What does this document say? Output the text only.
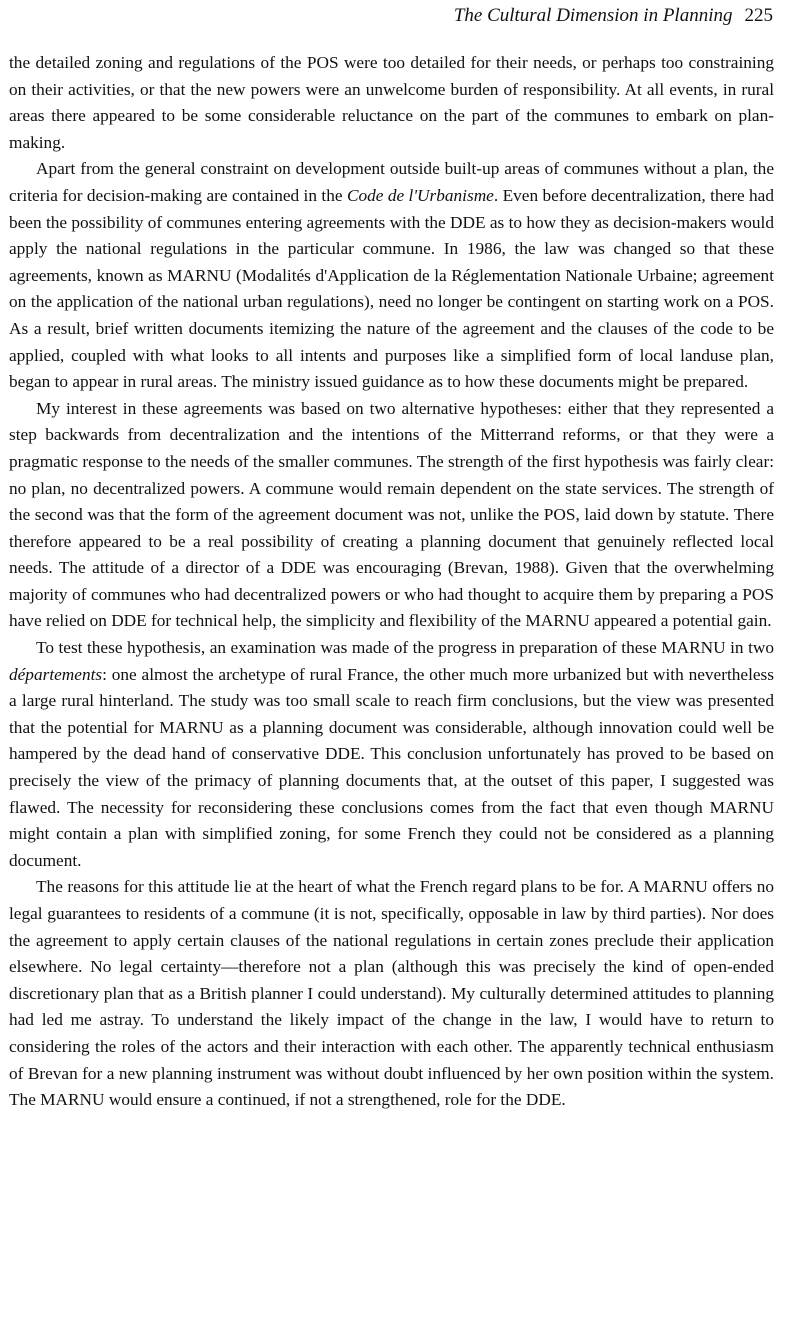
The Cultural Dimension in Planning 225

the detailed zoning and regulations of the POS were too detailed for their needs, or perhaps too constraining on their activities, or that the new powers were an unwelcome burden of responsibility. At all events, in rural areas there appeared to be some considerable reluctance on the part of the communes to embark on plan-making.

Apart from the general constraint on development outside built-up areas of communes without a plan, the criteria for decision-making are contained in the Code de l'Urbanisme. Even before decentralization, there had been the possibility of communes entering agreements with the DDE as to how they as decision-makers would apply the national regulations in the particular commune. In 1986, the law was changed so that these agreements, known as MARNU (Modalités d'Application de la Réglementation Nationale Urbaine; agreement on the application of the national urban regulations), need no longer be contingent on starting work on a POS. As a result, brief written documents itemizing the nature of the agreement and the clauses of the code to be applied, coupled with what looks to all intents and purposes like a simplified form of local landuse plan, began to appear in rural areas. The ministry issued guidance as to how these documents might be prepared.

My interest in these agreements was based on two alternative hypotheses: either that they represented a step backwards from decentralization and the intentions of the Mitterrand reforms, or that they were a pragmatic response to the needs of the smaller communes. The strength of the first hypothesis was fairly clear: no plan, no decentralized powers. A commune would remain dependent on the state services. The strength of the second was that the form of the agreement document was not, unlike the POS, laid down by statute. There therefore appeared to be a real possibility of creating a planning document that genuinely reflected local needs. The attitude of a director of a DDE was encouraging (Brevan, 1988). Given that the overwhelming majority of communes who had decentralized powers or who had thought to acquire them by preparing a POS have relied on DDE for technical help, the simplicity and flexibility of the MARNU appeared a potential gain.

To test these hypothesis, an examination was made of the progress in preparation of these MARNU in two départements: one almost the archetype of rural France, the other much more urbanized but with nevertheless a large rural hinterland. The study was too small scale to reach firm conclusions, but the view was presented that the potential for MARNU as a planning document was considerable, although innovation could well be hampered by the dead hand of conservative DDE. This conclusion unfortunately has proved to be based on precisely the view of the primacy of planning documents that, at the outset of this paper, I suggested was flawed. The necessity for reconsidering these conclusions comes from the fact that even though MARNU might contain a plan with simplified zoning, for some French they could not be considered as a planning document.

The reasons for this attitude lie at the heart of what the French regard plans to be for. A MARNU offers no legal guarantees to residents of a commune (it is not, specifically, opposable in law by third parties). Nor does the agreement to apply certain clauses of the national regulations in certain zones preclude their application elsewhere. No legal certainty—therefore not a plan (although this was precisely the kind of open-ended discretionary plan that as a British planner I could understand). My culturally determined attitudes to planning had led me astray. To understand the likely impact of the change in the law, I would have to return to considering the roles of the actors and their interaction with each other. The apparently technical enthusiasm of Brevan for a new planning instrument was without doubt influenced by her own position within the system. The MARNU would ensure a continued, if not a strengthened, role for the DDE.
